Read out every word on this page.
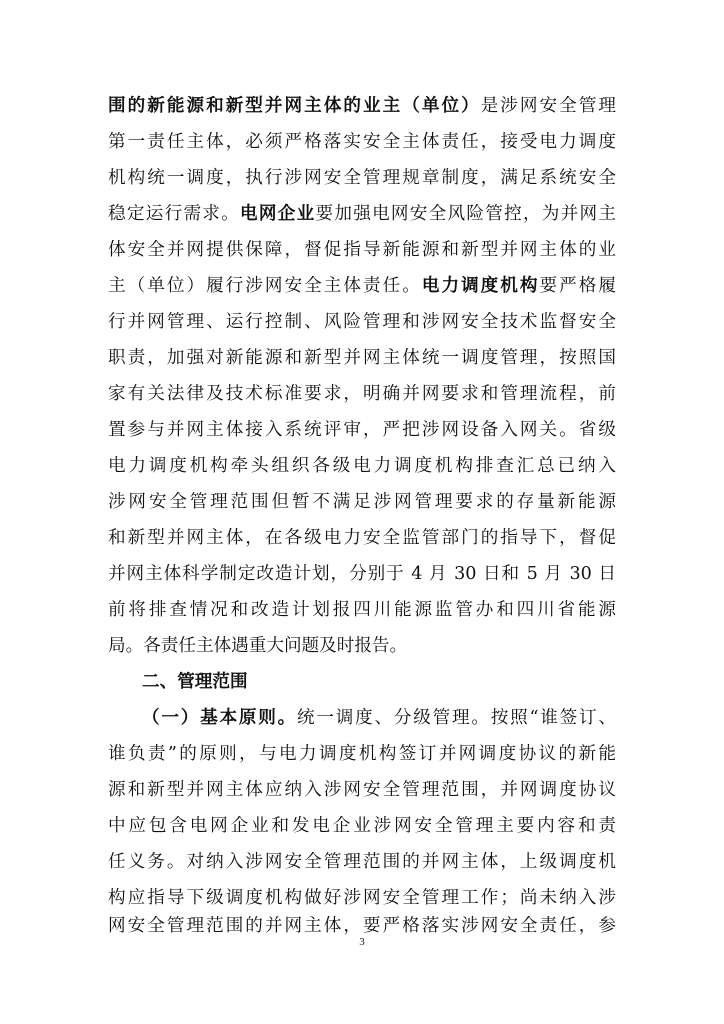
围的新能源和新型并网主体的业主（单位）是涉网安全管理
第一责任主体，必须严格落实安全主体责任，接受电力调度
机构统一调度，执行涉网安全管理规章制度，满足系统安全
稳定运行需求。电网企业要加强电网安全风险管控，为并网主
体安全并网提供保障，督促指导新能源和新型并网主体的业
主（单位）履行涉网安全主体责任。电力调度机构要严格履
行并网管理、运行控制、风险管理和涉网安全技术监督安全
职责，加强对新能源和新型并网主体统一调度管理，按照国
家有关法律及技术标准要求，明确并网要求和管理流程，前
置参与并网主体接入系统评审，严把涉网设备入网关。省级
电力调度机构牵头组织各级电力调度机构排查汇总已纳入
涉网安全管理范围但暂不满足涉网管理要求的存量新能源
和新型并网主体，在各级电力安全监管部门的指导下，督促
并网主体科学制定改造计划，分别于 4 月 30 日和 5 月 30 日
前将排查情况和改造计划报四川能源监管办和四川省能源
局。各责任主体遇重大问题及时报告。
二、管理范围
（一）基本原则。统一调度、分级管理。按照“谁签订、
谁负责”的原则，与电力调度机构签订并网调度协议的新能
源和新型并网主体应纳入涉网安全管理范围，并网调度协议
中应包含电网企业和发电企业涉网安全管理主要内容和责
任义务。对纳入涉网安全管理范围的并网主体，上级调度机
构应指导下级调度机构做好涉网安全管理工作；尚未纳入涉
网安全管理范围的并网主体，要严格落实涉网安全责任，参
3
